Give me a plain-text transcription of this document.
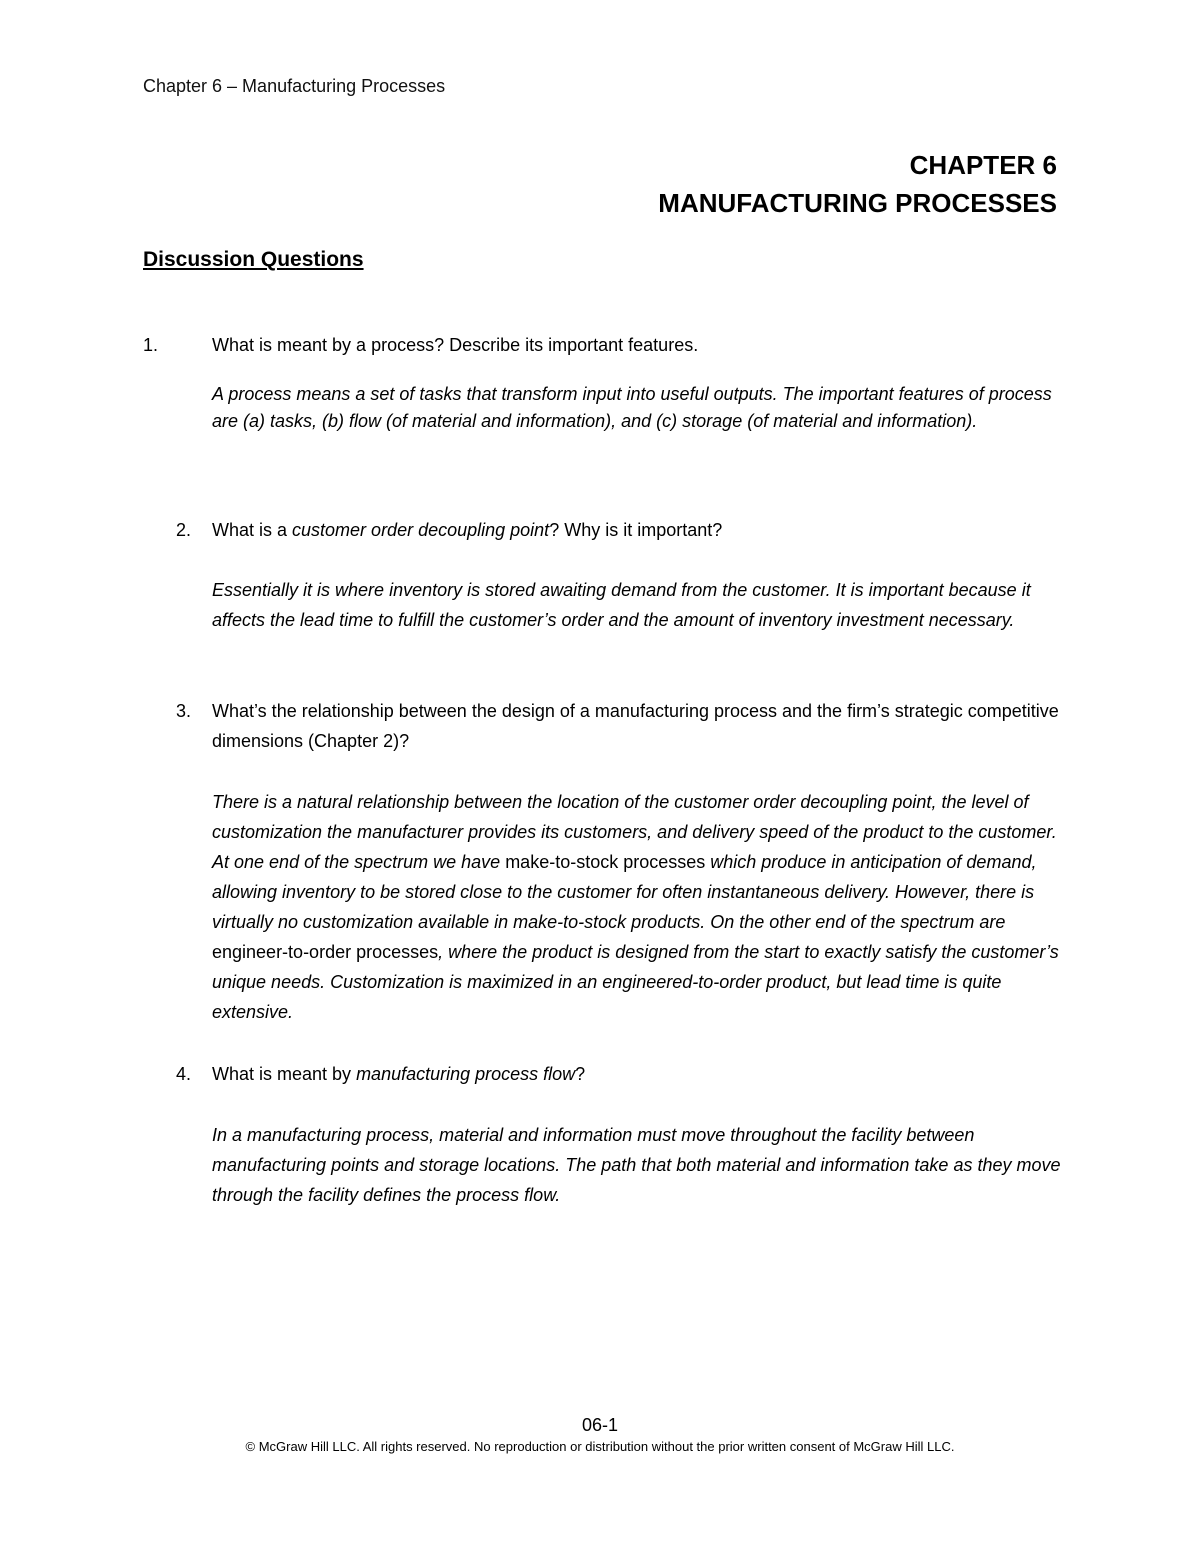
Chapter 6 – Manufacturing Processes
CHAPTER 6
MANUFACTURING PROCESSES
Discussion Questions
1.	What is meant by a process? Describe its important features.
A process means a set of tasks that transform input into useful outputs. The important features of process are (a) tasks, (b) flow (of material and information), and (c) storage (of material and information).
2. What is a customer order decoupling point? Why is it important?
Essentially it is where inventory is stored awaiting demand from the customer. It is important because it affects the lead time to fulfill the customer’s order and the amount of inventory investment necessary.
3. What’s the relationship between the design of a manufacturing process and the firm’s strategic competitive dimensions (Chapter 2)?
There is a natural relationship between the location of the customer order decoupling point, the level of customization the manufacturer provides its customers, and delivery speed of the product to the customer. At one end of the spectrum we have make-to-stock processes which produce in anticipation of demand, allowing inventory to be stored close to the customer for often instantaneous delivery. However, there is virtually no customization available in make-to-stock products. On the other end of the spectrum are engineer-to-order processes, where the product is designed from the start to exactly satisfy the customer’s unique needs. Customization is maximized in an engineered-to-order product, but lead time is quite extensive.
4. What is meant by manufacturing process flow?
In a manufacturing process, material and information must move throughout the facility between manufacturing points and storage locations. The path that both material and information take as they move through the facility defines the process flow.
06-1
© McGraw Hill LLC. All rights reserved. No reproduction or distribution without the prior written consent of McGraw Hill LLC.
